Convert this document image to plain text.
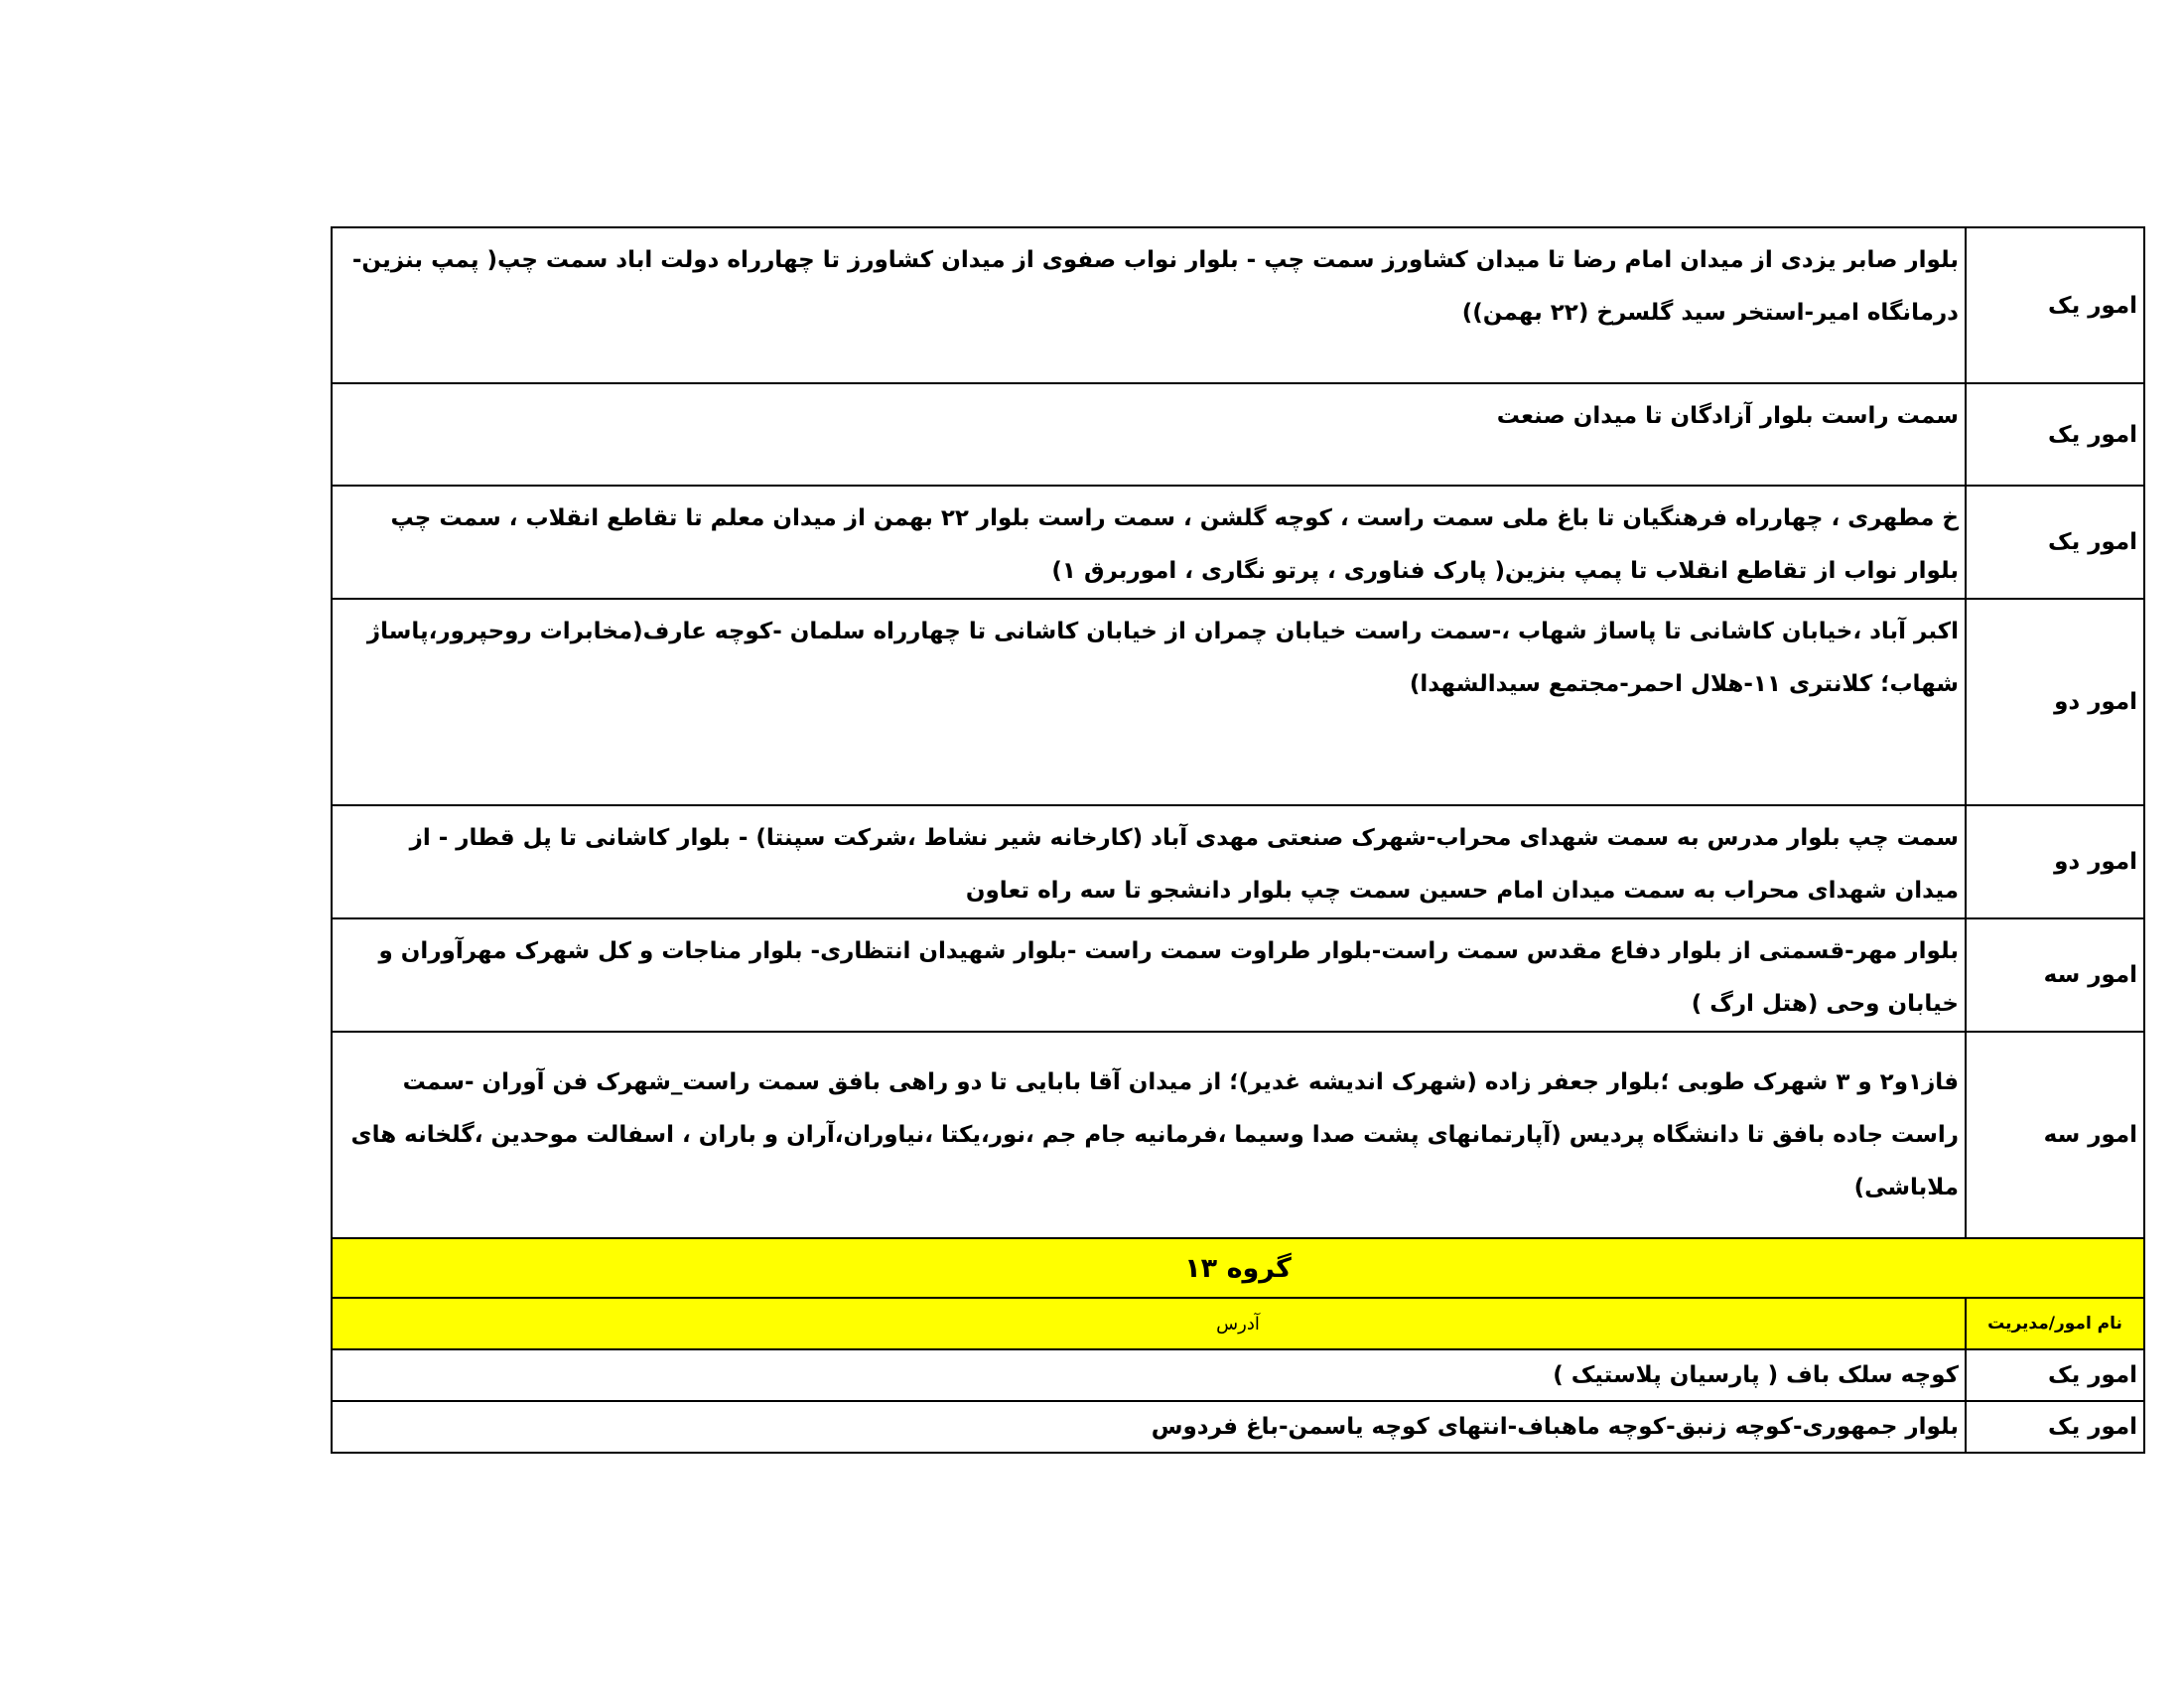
امور یک	بلوار صابر یزدی از میدان امام رضا تا میدان کشاورز سمت چپ - بلوار نواب صفوی از میدان کشاورز تا چهارراه دولت اباد سمت چپ( پمپ بنزین-درمانگاه امیر-استخر سید گلسرخ (۲۲ بهمن))

امور یک	سمت راست بلوار آزادگان تا میدان صنعت

امور یک	خ مطهری ، چهارراه فرهنگیان تا باغ ملی سمت راست ، کوچه گلشن ، سمت راست بلوار ۲۲ بهمن از میدان معلم تا تقاطع انقلاب ، سمت چپ بلوار نواب از تقاطع انقلاب تا پمپ بنزین( پارک فناوری ، پرتو نگاری ، اموربرق ۱)

امور دو	اکبر آباد ،خیابان کاشانی تا پاساژ شهاب ،-سمت راست خیابان چمران از خیابان کاشانی تا چهارراه سلمان -کوچه عارف(مخابرات روحپرور،پاساژ شهاب؛ کلانتری ۱۱-هلال احمر-مجتمع سیدالشهدا)

امور دو	سمت چپ بلوار مدرس به سمت شهدای محراب-شهرک صنعتی مهدی آباد (کارخانه شیر نشاط ،شرکت سپنتا) - بلوار کاشانی تا پل قطار - از میدان شهدای محراب به سمت میدان امام حسین سمت چپ بلوار دانشجو تا سه راه تعاون

امور سه	بلوار مهر-قسمتی از بلوار دفاع مقدس سمت راست-بلوار طراوت سمت راست -بلوار شهیدان انتظاری- بلوار مناجات و کل شهرک مهرآوران و خیابان وحی (هتل ارگ )

امور سه	فاز۱و۲ و ۳ شهرک طوبی ؛بلوار جعفر زاده (شهرک اندیشه غدیر)؛ از میدان آقا بابایی تا دو راهی بافق سمت راست_شهرک فن آوران -سمت راست جاده بافق تا دانشگاه پردیس (آپارتمانهای پشت صدا وسیما ،فرمانیه جام جم ،نور،یکتا ،نیاوران،آران و باران ، اسفالت موحدین ،گلخانه های ملاباشی)

گروه ۱۳	
نام امور/مدیریت	آدرس
امور یک	کوچه سلک باف ( پارسیان پلاستیک )

امور یک	بلوار جمهوری-کوچه زنبق-کوچه ماهباف-انتهای کوچه یاسمن-باغ فردوس
